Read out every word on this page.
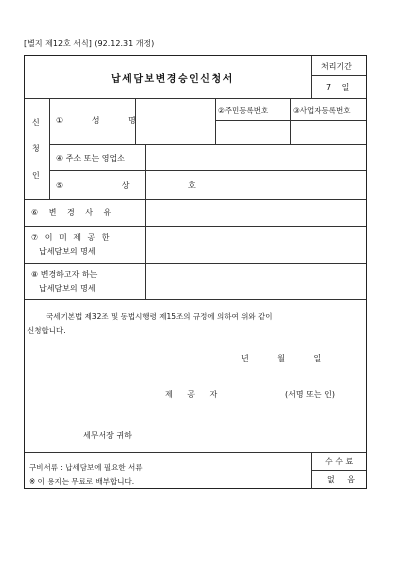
[별지 제12호 서식] (92.12.31 개정)
납세담보변경승인신청서
처리기간
7 일
신
청
인
① 성 명
②주민등록번호	③사업자등록번호
④ 주소 또는 영업소
⑤ 상 호
⑥ 변 경 사 유
⑦ 이 미 제 공 한
납세담보의 명세
⑧ 변경하고자 하는
납세담보의 명세
국세기본법 제32조 및 동법시행령 제15조의 규정에 의하여 위와 같이
신청합니다.
년 월 일
제 공 자	(서명 또는 인)
세무서장 귀하
구비서류 : 납세담보에 필요한 서류
※ 이 용지는 무료로 배부합니다.
수 수 료
없 음
